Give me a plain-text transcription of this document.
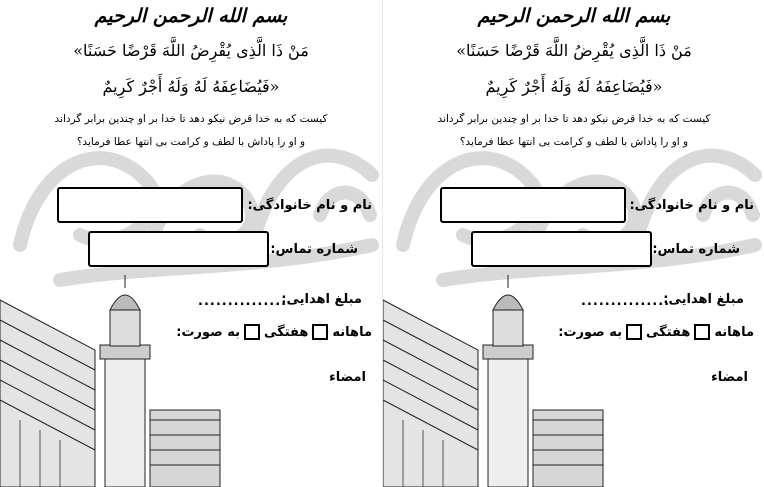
بسم الله الرحمن الرحیم
«مَنْ ذَا الَّذِی یُقْرِضُ اللَّهَ قَرْضًا حَسَنًا
فَیُضَاعِفَهُ لَهُ وَلَهُ أَجْرٌ کَرِیمٌ»
کیست که به خدا قرض نیکو دهد تا خدا بر او چندین برابر گرداند
و او را پاداش با لطف و کرامت بی انتها عطا فرماید؟
نام و نام خانوادگی:
شماره تماس:
مبلغ اهدایی:
...............
به صورت: هفتگی ماهانه
امضاء
بسم الله الرحمن الرحیم
«مَنْ ذَا الَّذِی یُقْرِضُ اللَّهَ قَرْضًا حَسَنًا
فَیُضَاعِفَهُ لَهُ وَلَهُ أَجْرٌ کَرِیمٌ»
کیست که به خدا قرض نیکو دهد تا خدا بر او چندین برابر گرداند
و او را پاداش با لطف و کرامت بی انتها عطا فرماید؟
نام و نام خانوادگی:
شماره تماس:
مبلغ اهدایی:
...............
به صورت: هفتگی ماهانه
امضاء
